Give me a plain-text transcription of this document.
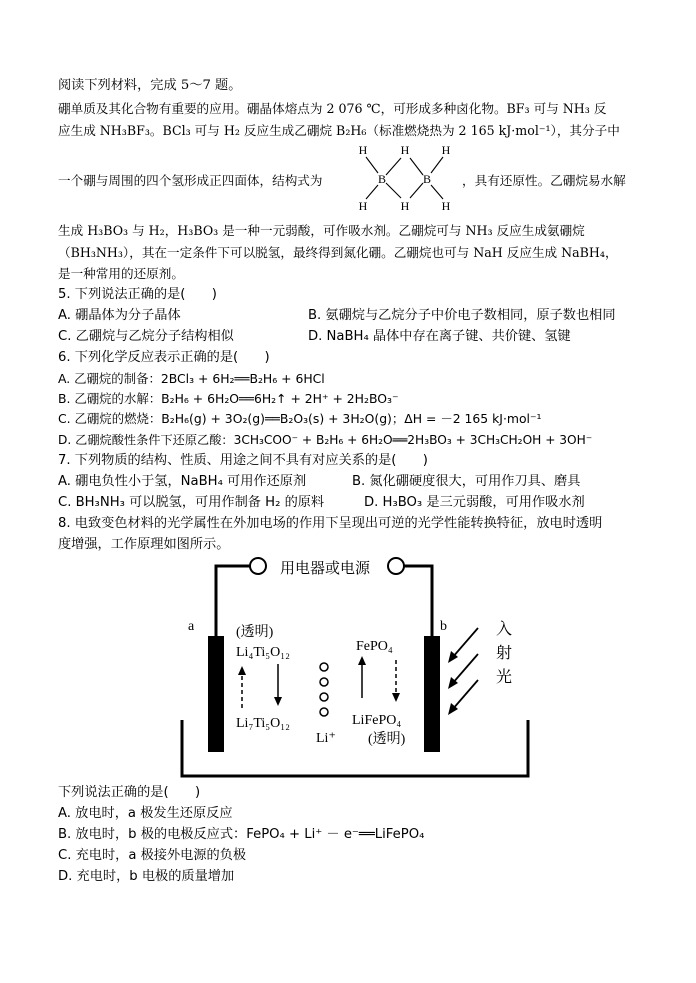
阅读下列材料，完成 5～7 题。
硼单质及其化合物有重要的应用。硼晶体熔点为 2 076 ℃，可形成多种卤化物。BF₃ 可与 NH₃ 反
应生成 NH₃BF₃。BCl₃ 可与 H₂ 反应生成乙硼烷 B₂H₆（标准燃烧热为 2 165 kJ·mol⁻¹），其分子中
一个硼与周围的四个氢形成正四面体，结构式为
H	H	H
B	B
H	H	H
，具有还原性。乙硼烷易水解
生成 H₃BO₃ 与 H₂，H₃BO₃ 是一种一元弱酸，可作吸水剂。乙硼烷可与 NH₃ 反应生成氨硼烷
（BH₃NH₃），其在一定条件下可以脱氢，最终得到氮化硼。乙硼烷也可与 NaH 反应生成 NaBH₄，
是一种常用的还原剂。
5. 下列说法正确的是(　　)
A. 硼晶体为分子晶体	B. 氨硼烷与乙烷分子中价电子数相同，原子数也相同
C. 乙硼烷与乙烷分子结构相似	D. NaBH₄ 晶体中存在离子键、共价键、氢键
6. 下列化学反应表示正确的是(　　)
A. 乙硼烷的制备：2BCl₃ + 6H₂══B₂H₆ + 6HCl
B. 乙硼烷的水解：B₂H₆ + 6H₂O══6H₂↑ + 2H⁺ + 2H₂BO₃⁻
C. 乙硼烷的燃烧：B₂H₆(g) + 3O₂(g)══B₂O₃(s) + 3H₂O(g)；ΔH = －2 165 kJ·mol⁻¹
D. 乙硼烷酸性条件下还原乙酸：3CH₃COO⁻ + B₂H₆ + 6H₂O══2H₃BO₃ + 3CH₃CH₂OH + 3OH⁻
7. 下列物质的结构、性质、用途之间不具有对应关系的是(　　)
A. 硼电负性小于氢，NaBH₄ 可用作还原剂	B. 氮化硼硬度很大，可用作刀具、磨具
C. BH₃NH₃ 可以脱氢，可用作制备 H₂ 的原料	D. H₃BO₃ 是三元弱酸，可用作吸水剂
8. 电致变色材料的光学属性在外加电场的作用下呈现出可逆的光学性能转换特征，放电时透明
度增强，工作原理如图所示。
用电器或电源
a	b
(透明)
Li₄Ti₅O₁₂
Li₇Ti₅O₁₂
Li⁺
FePO₄
LiFePO₄
(透明)
入
射
光
下列说法正确的是(　　)
A. 放电时，a 极发生还原反应
B. 放电时，b 极的电极反应式：FePO₄ + Li⁺ － e⁻══LiFePO₄
C. 充电时，a 极接外电源的负极
D. 充电时，b 电极的质量增加
